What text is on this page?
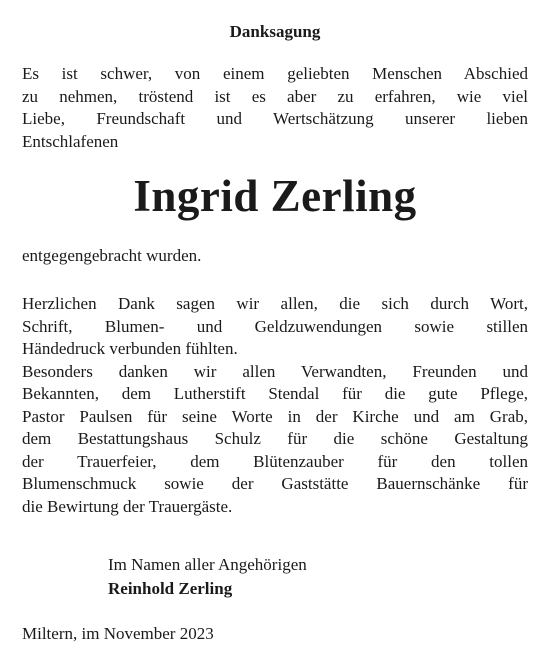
Danksagung
Es ist schwer, von einem geliebten Menschen Abschied
zu nehmen, tröstend ist es aber zu erfahren, wie viel
Liebe, Freundschaft und Wertschätzung unserer lieben
Entschlafenen
Ingrid Zerling
entgegengebracht wurden.
Herzlichen Dank sagen wir allen, die sich durch Wort,
Schrift, Blumen- und Geldzuwendungen sowie stillen
Händedruck verbunden fühlten.
Besonders danken wir allen Verwandten, Freunden und
Bekannten, dem Lutherstift Stendal für die gute Pflege,
Pastor Paulsen für seine Worte in der Kirche und am Grab,
dem Bestattungshaus Schulz für die schöne Gestaltung
der Trauerfeier, dem Blütenzauber für den tollen
Blumenschmuck sowie der Gaststätte Bauernschänke für
die Bewirtung der Trauergäste.
Im Namen aller Angehörigen
Reinhold Zerling
Miltern, im November 2023
